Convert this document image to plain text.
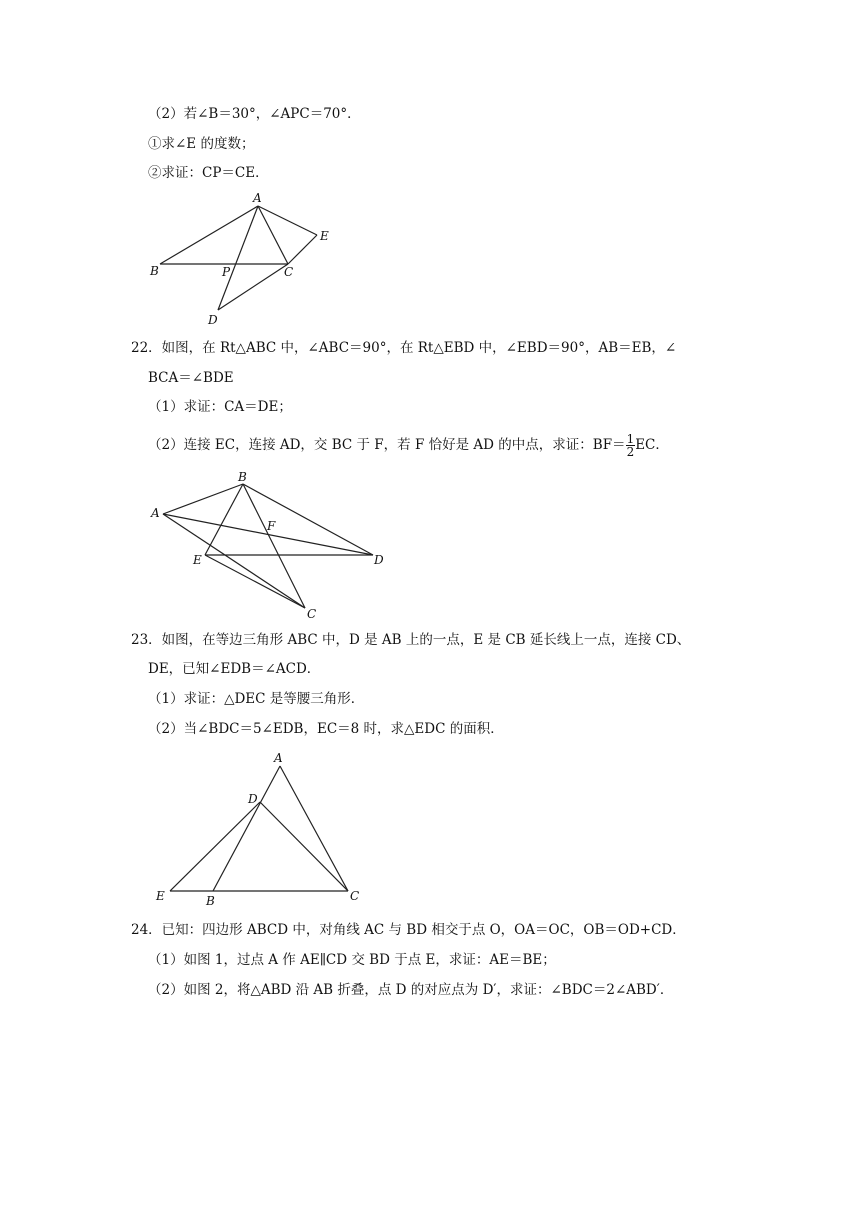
（2）若∠B＝30°，∠APC＝70°．
①求∠E 的度数；
②求证：CP＝CE．
A
B	P	C
D
E
22．如图，在 Rt△ABC 中，∠ABC＝90°，在 Rt△EBD 中，∠EBD＝90°，AB＝EB，∠
BCA＝∠BDE
（1）求证：CA＝DE；
（2）连接 EC，连接 AD，交 BC 于 F，若 F 恰好是 AD 的中点，求证：$BF= \frac{1}{2}$ EC．
A
B
F
E	D
C
23．如图，在等边三角形 ABC 中，D 是 AB 上的一点，E 是 CB 延长线上一点，连接 CD、
DE，已知∠EDB＝∠ACD．
（1）求证：△DEC 是等腰三角形．
（2）当∠BDC＝5∠EDB，EC＝8 时，求△EDC 的面积．
A
D
E	B	C
24．已知：四边形 ABCD 中，对角线 AC 与 BD 相交于点 O，OA＝OC，OB＝OD+CD．
（1）如图 1，过点 A 作 AE∥CD 交 BD 于点 E，求证：AE＝BE；
（2）如图 2，将△ABD 沿 AB 折叠，点 D 的对应点为 D′，求证：∠BDC＝2∠ABD′．
